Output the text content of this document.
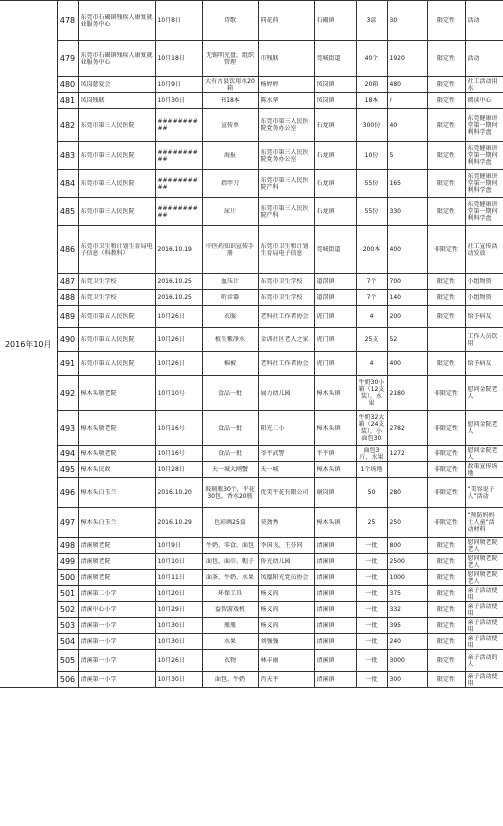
2016年10月	478	东莞市石碣镇残疾人康复就业服务中心	10月8日	诗歌	同花荷	石碣镇	3盒	30	限定性	活动

	479	东莞市石碣镇残疾人康复就业服务中心	10月18日	无锡明光盘、组织管理	市残联	莞城街道	40个	1920	限定性	活动

	480	凤岗慈爱会	10月9日	大有古县饮用水20箱	杨婷婷	凤岗镇	20箱	480	限定性	社工活动用水

	481	凤岗残联	10月30日	书18本	陈水华	凤岗镇	18本	/	限定性	阅读中心

	482	东莞市第三人民医院	##########	宣传单	东莞市第三人民医院党务办公室	石龙镇	300份	40	限定性	东莞健康讲堂第一期何利科学盘

	483	东莞市第三人民医院	##########	海报	东莞市第三人民医院党务办公室	石龙镇	10份	5	限定性	东莞健康讲堂第一期何利科学盘

	484	东莞市第三人民医院	##########	指甲刀	东莞市第三人民医院产科	石龙镇	55份	165	限定性	东莞健康讲堂第一期何利科学盘

	485	东莞市第三人民医院	##########	尿片	东莞市第三人民医院产科	石龙镇	55份	330	限定性	东莞健康讲堂第一期何利科学盘

	486	东莞市卫生和计划生育局电子信息（科教科）	2016.10.19	中医药知识宣传手册	东莞市卫生和计划生育局电子信息	莞城街道	200本	400	非限定性	社工宣传活动发放

	487	东莞卫生学校	2016.10.25	血压计	东莞市卫生学校	道滘镇	7个	700	限定性	小组物资

	488	东莞卫生学校	2016.10.25	听诊器	东莞市卫生学校	道滘镇	7个	140	限定性	小组物资

	489	东莞市第五人民医院	10月26日	衣服	老科社工作者协会	虎门镇	4	200	限定性	给予病友

	490	东莞市第五人民医院	10月26日	植生紫净水	金训社区老人之家	虎门镇	25支	52		工作人员饮用

	491	东莞市第五人民医院	10月26日	棉被	老科社工作者协会	虎门镇	4	400	限定性	给予病友

	492	樟木头敬老院	10月10号	食品一批	展力幼儿园	樟木头镇	牛奶30小箱（12支装），水果	2180	非限定性	慰问金院老人

	493	樟木头敬老院	10月16号	食品一批	阳光二小	樟木头镇	牛奶32大箱（24支装），小面包30	2782	非限定性	慰问金院老人

	494	樟木头敬老院	10月16号	食品一批	爷平武警	平平镇	面包3斤，水果	1272	非限定性	慰问金院老人

	495	樟木头民政	10月28日	天一城大闸蟹	天一城	樟木头镇	1个场地		非限定性	政策宣传场地

	496	樟木头白玉兰	2016.10.20	玻璃瓶30个，平花30包，香水20瓶	优美平花有限公司	谢岗镇	50	280	非限定性	“美容说子人”活动

	497	樟木头白玉兰	2016.10.29	色彩画25盒	莫劲秀	樟木头镇	25	250	非限定性	“预防妈妈士人童”活动材料

	498	清溪敬老院	10月9日	牛奶、零食、面包	李国飞、王芬同	清溪镇	一批	800	限定性	慰问敬老院老人

	499	清溪敬老院	10月10日	面包、面巾、帽子	侨光幼儿园	清溪镇	一批	2500	限定性	慰问敬老院老人

	500	清溪敬老院	10月11日	面条、牛奶、水果	凤凰阳光党员协会	清溪镇	一批	1000	限定性	慰问敬老院老人

	501	清溪第二小学	10月20日	环保工具	杨义尚	清溪镇	一批	375	限定性	亲子活动使用

	502	清溪中心小学	10月29日	益智游戏机	杨义尚	清溪镇	一批	332	限定性	亲子活动使用

	503	清溪第一小学	10月30日	瓶瓶	杨义尚	清溪镇	一批	395	限定性	亲子活动使用

	504	清溪第一小学	10月30日	水果	刘强强	清溪镇	一批	240	限定性	亲子活动使用

	505	清溪第一小学	10月26日	衣物	林丰丽	清溪镇	一批	3000	限定性	亲子活动的人

	506	清溪第一小学	10月30日	面包、牛奶	肖天平	清溪镇	一批	300	限定性	亲子活动使用
